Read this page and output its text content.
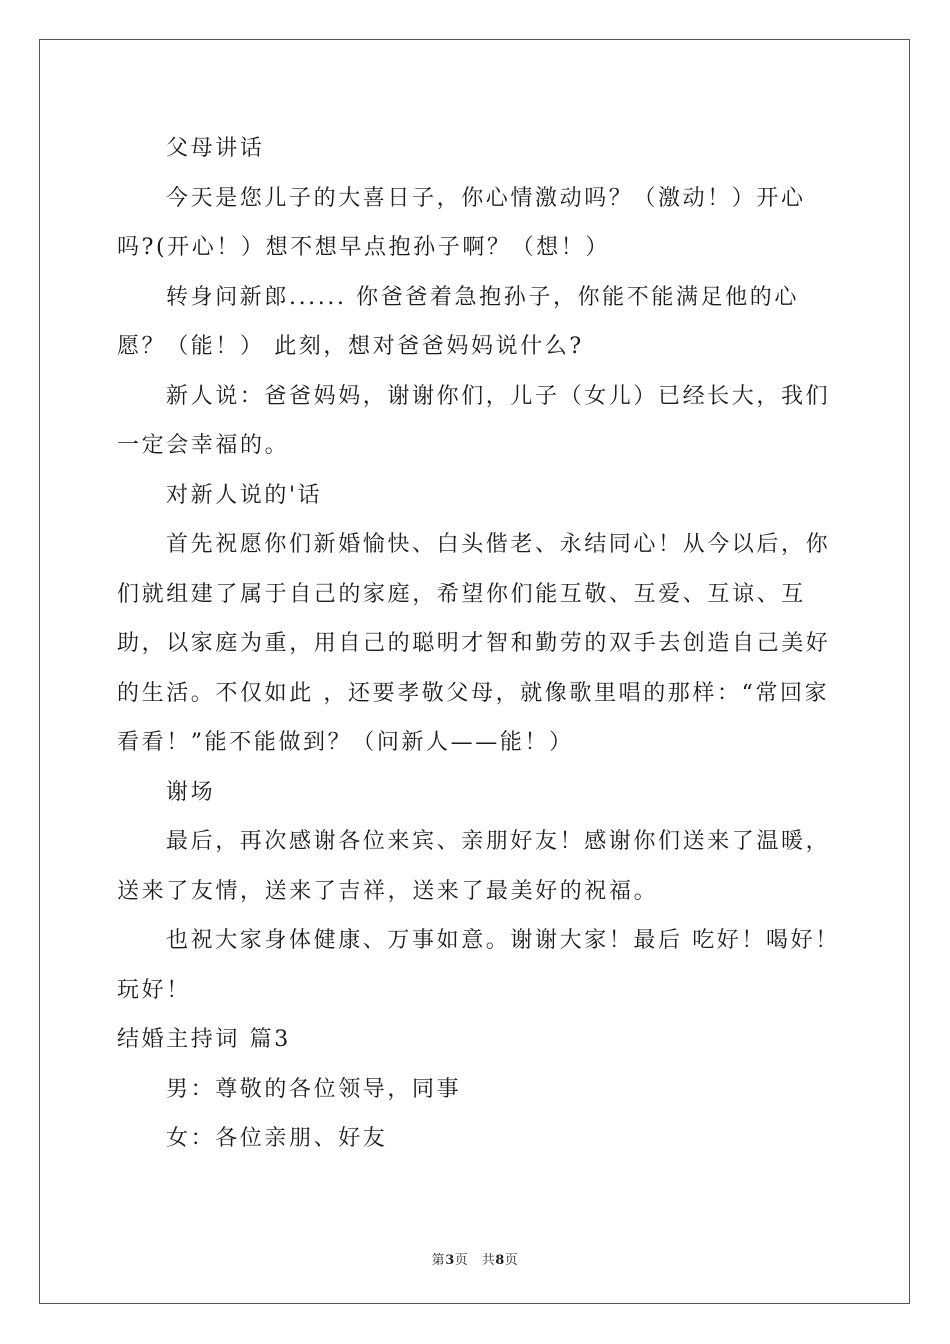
父母讲话

今天是您儿子的大喜日子，你心情激动吗？（激动！）开心吗?(开心！）想不想早点抱孙子啊？（想！）

转身问新郎...... 你爸爸着急抱孙子，你能不能满足他的心愿？（能！） 此刻，想对爸爸妈妈说什么?

新人说：爸爸妈妈，谢谢你们，儿子（女儿）已经长大，我们一定会幸福的。

对新人说的'话

首先祝愿你们新婚愉快、白头偕老、永结同心！从今以后，你们就组建了属于自己的家庭，希望你们能互敬、互爱、互谅、互助，以家庭为重，用自己的聪明才智和勤劳的双手去创造自己美好的生活。不仅如此 ，还要孝敬父母，就像歌里唱的那样：“常回家看看！”能不能做到？（问新人——能！）

谢场

最后，再次感谢各位来宾、亲朋好友！感谢你们送来了温暖，送来了友情，送来了吉祥，送来了最美好的祝福。

也祝大家身体健康、万事如意。谢谢大家！最后 吃好！喝好！玩好！

结婚主持词 篇3

男：尊敬的各位领导，同事

女：各位亲朋、好友

第3页　共8页
